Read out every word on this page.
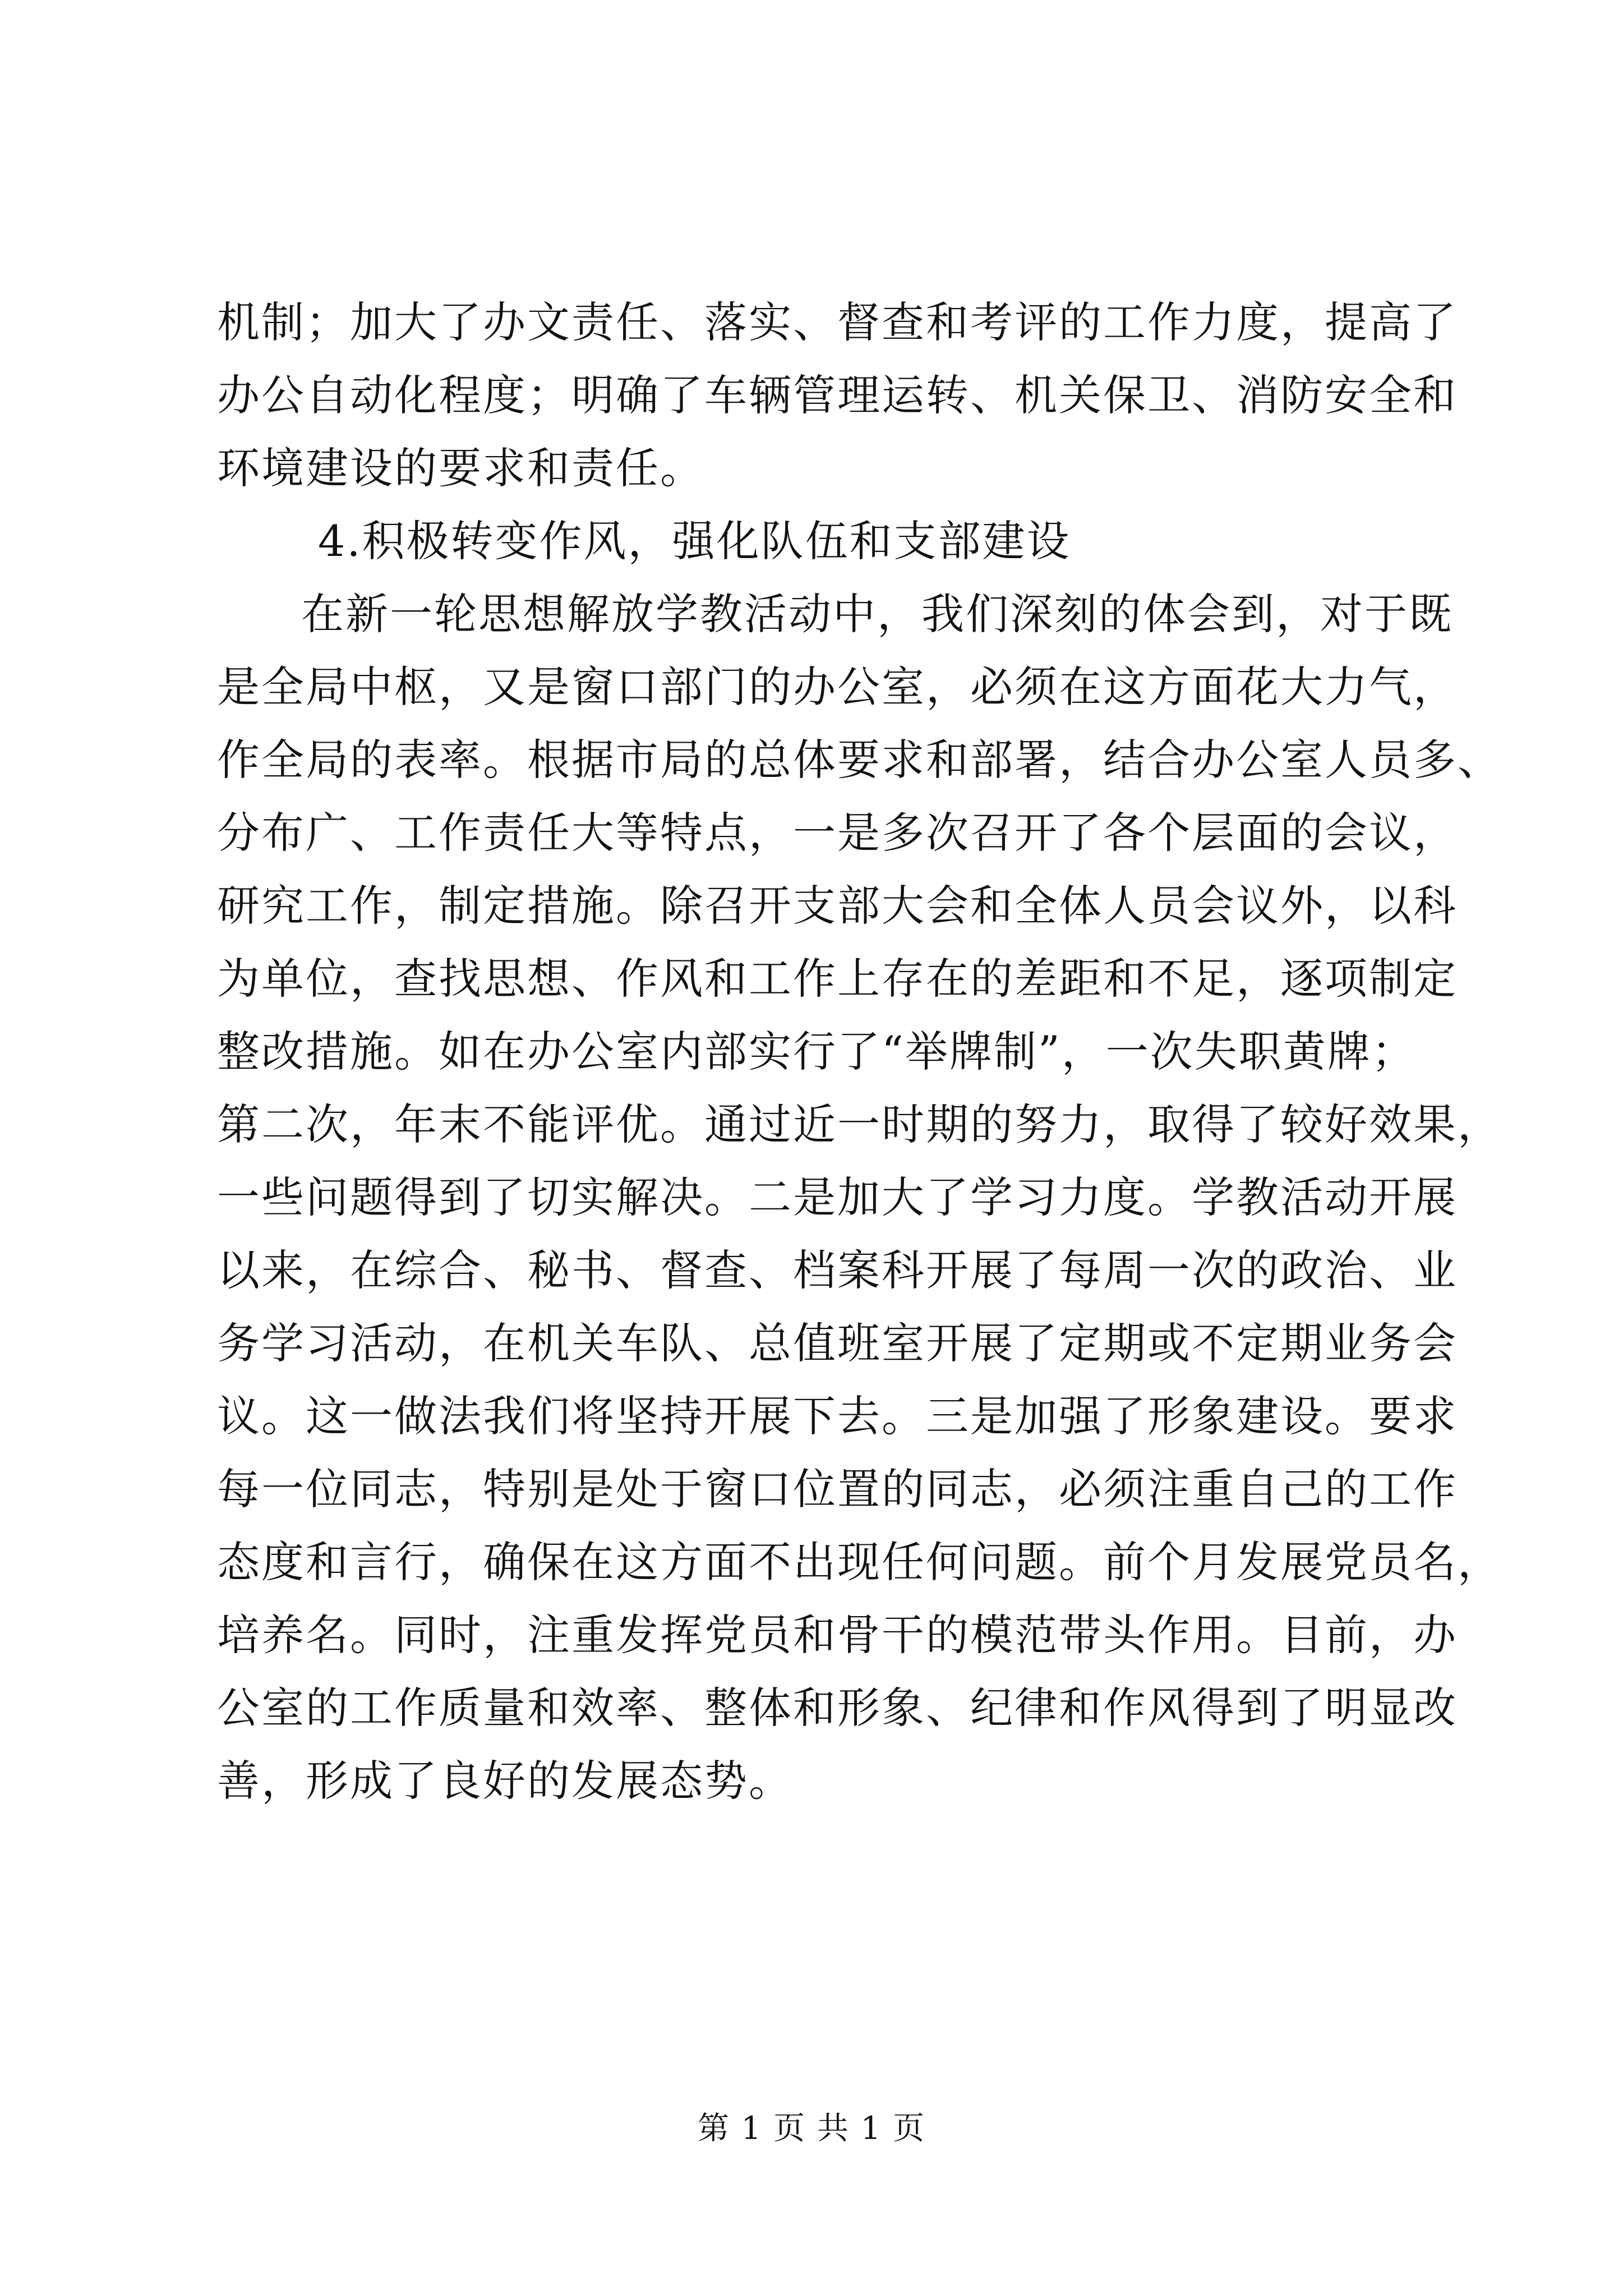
机制；加大了办文责任、落实、督查和考评的工作力度，提高了
办公自动化程度；明确了车辆管理运转、机关保卫、消防安全和
环境建设的要求和责任。
4.积极转变作风，强化队伍和支部建设
在新一轮思想解放学教活动中，我们深刻的体会到，对于既
是全局中枢，又是窗口部门的办公室，必须在这方面花大力气，
作全局的表率。根据市局的总体要求和部署，结合办公室人员多、
分布广、工作责任大等特点，一是多次召开了各个层面的会议，
研究工作，制定措施。除召开支部大会和全体人员会议外，以科
为单位，查找思想、作风和工作上存在的差距和不足，逐项制定
整改措施。如在办公室内部实行了“举牌制”，一次失职黄牌；
第二次，年末不能评优。通过近一时期的努力，取得了较好效果，
一些问题得到了切实解决。二是加大了学习力度。学教活动开展
以来，在综合、秘书、督查、档案科开展了每周一次的政治、业
务学习活动，在机关车队、总值班室开展了定期或不定期业务会
议。这一做法我们将坚持开展下去。三是加强了形象建设。要求
每一位同志，特别是处于窗口位置的同志，必须注重自己的工作
态度和言行，确保在这方面不出现任何问题。前个月发展党员名，
培养名。同时，注重发挥党员和骨干的模范带头作用。目前，办
公室的工作质量和效率、整体和形象、纪律和作风得到了明显改
善，形成了良好的发展态势。
第 1 页 共 1 页
